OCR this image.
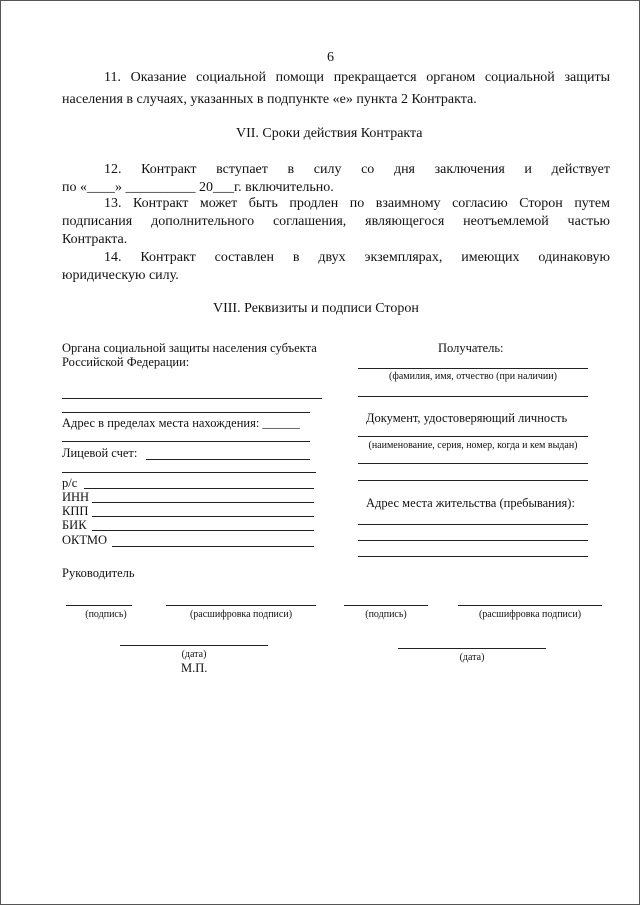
6
11. Оказание социальной помощи прекращается органом социальной защиты
населения в случаях, указанных в подпункте «е» пункта 2 Контракта.
VII. Сроки действия Контракта
12. Контракт вступает в силу со дня заключения и действует
по «____» __________ 20___г. включительно.
13. Контракт может быть продлен по взаимному согласию Сторон путем
подписания дополнительного соглашения, являющегося неотъемлемой частью
Контракта.
14. Контракт составлен в двух экземплярах, имеющих одинаковую
юридическую силу.
VIII. Реквизиты и подписи Сторон
Органа социальной защиты населения субъекта
Российской Федерации:
Адрес в пределах места нахождения: ______
Лицевой счет:
р/с
ИНН
КПП
БИК
ОКТМО
Руководитель
Получатель:
(фамилия, имя, отчество (при наличии)
Документ, удостоверяющий личность
(наименование, серия, номер, когда и кем выдан)
Адрес места жительства (пребывания):
(подпись)	(расшифровка подписи)	(подпись)	(расшифровка подписи)
(дата)
М.П.
(дата)
